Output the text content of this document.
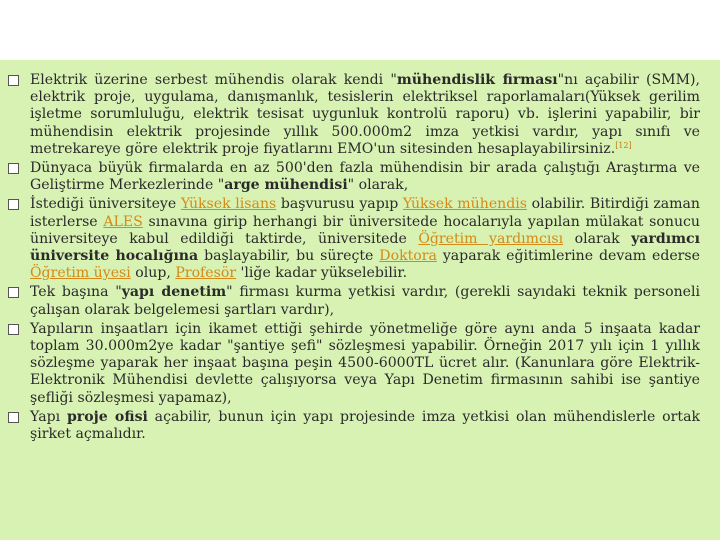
Elektrik üzerine serbest mühendis olarak kendi "mühendislik firması"nı açabilir (SMM), elektrik proje, uygulama, danışmanlık, tesislerin elektriksel raporlamaları(Yüksek gerilim işletme sorumluluğu, elektrik tesisat uygunluk kontrolü raporu) vb. işlerini yapabilir, bir mühendisin elektrik projesinde yıllık 500.000m2 imza yetkisi vardır, yapı sınıfı ve metrekareye göre elektrik proje fiyatlarını EMO'un sitesinden hesaplayabilirsiniz.[12]
Dünyaca büyük firmalarda en az 500'den fazla mühendisin bir arada çalıştığı Araştırma ve Geliştirme Merkezlerinde "arge mühendisi" olarak,
İstediği üniversiteye Yüksek lisans başvurusu yapıp Yüksek mühendis olabilir. Bitirdiği zaman isterlerse ALES sınavına girip herhangi bir üniversitede hocalarıyla yapılan mülakat sonucu üniversiteye kabul edildiği taktirde, üniversitede Öğretim yardımcısı olarak yardımcı üniversite hocalığına başlayabilir, bu süreçte Doktora yaparak eğitimlerine devam ederse Öğretim üyesi olup, Profesör 'liğe kadar yükselebilir.
Tek başına "yapı denetim" firması kurma yetkisi vardır, (gerekli sayıdaki teknik personeli çalışan olarak belgelemesi şartları vardır),
Yapıların inşaatları için ikamet ettiği şehirde yönetmeliğe göre aynı anda 5 inşaata kadar toplam 30.000m2ye kadar "şantiye şefi" sözleşmesi yapabilir. Örneğin 2017 yılı için 1 yıllık sözleşme yaparak her inşaat başına peşin 4500-6000TL ücret alır. (Kanunlara göre Elektrik-Elektronik Mühendisi devlette çalışıyorsa veya Yapı Denetim firmasının sahibi ise şantiye şefliği sözleşmesi yapamaz),
Yapı proje ofisi açabilir, bunun için yapı projesinde imza yetkisi olan mühendislerle ortak şirket açmalıdır.
